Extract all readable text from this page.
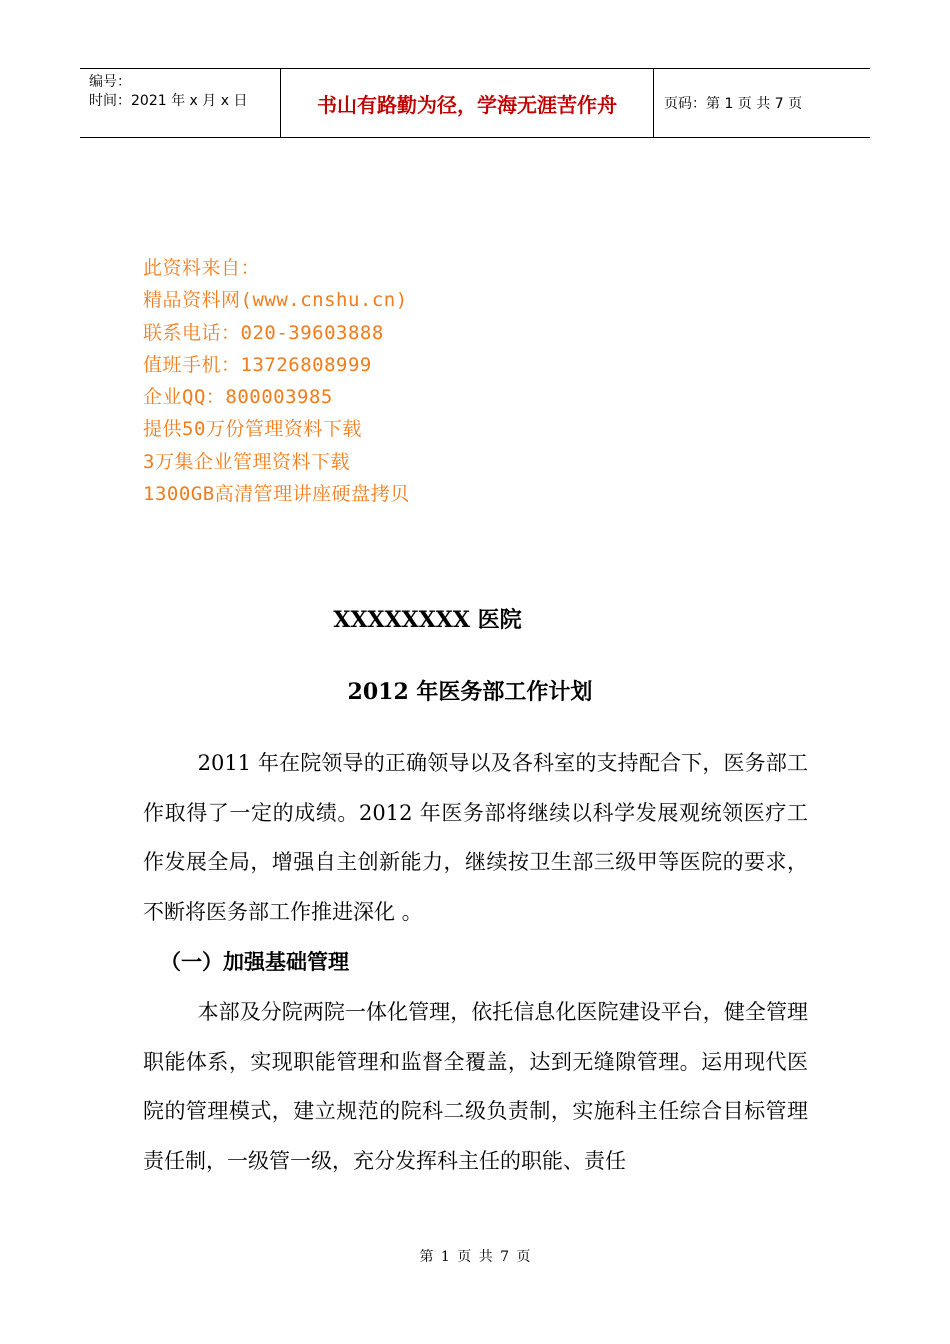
编号：
时间：2021 年 x 月 x 日	书山有路勤为径，学海无涯苦作舟	页码：第 1 页 共 7 页
此资料来自：
精品资料网(www.cnshu.cn)
联系电话：020-39603888
值班手机：13726808999
企业QQ：800003985
提供50万份管理资料下载
3万集企业管理资料下载
1300GB高清管理讲座硬盘拷贝
XXXXXXXX 医院
2012 年医务部工作计划
2011 年在院领导的正确领导以及各科室的支持配合下，医务部工作取得了一定的成绩。2012 年医务部将继续以科学发展观统领医疗工作发展全局，增强自主创新能力，继续按卫生部三级甲等医院的要求，不断将医务部工作推进深化 。
（一）加强基础管理
本部及分院两院一体化管理，依托信息化医院建设平台，健全管理职能体系，实现职能管理和监督全覆盖，达到无缝隙管理。运用现代医院的管理模式，建立规范的院科二级负责制，实施科主任综合目标管理责任制，一级管一级，充分发挥科主任的职能、责任
第 1 页 共 7 页
